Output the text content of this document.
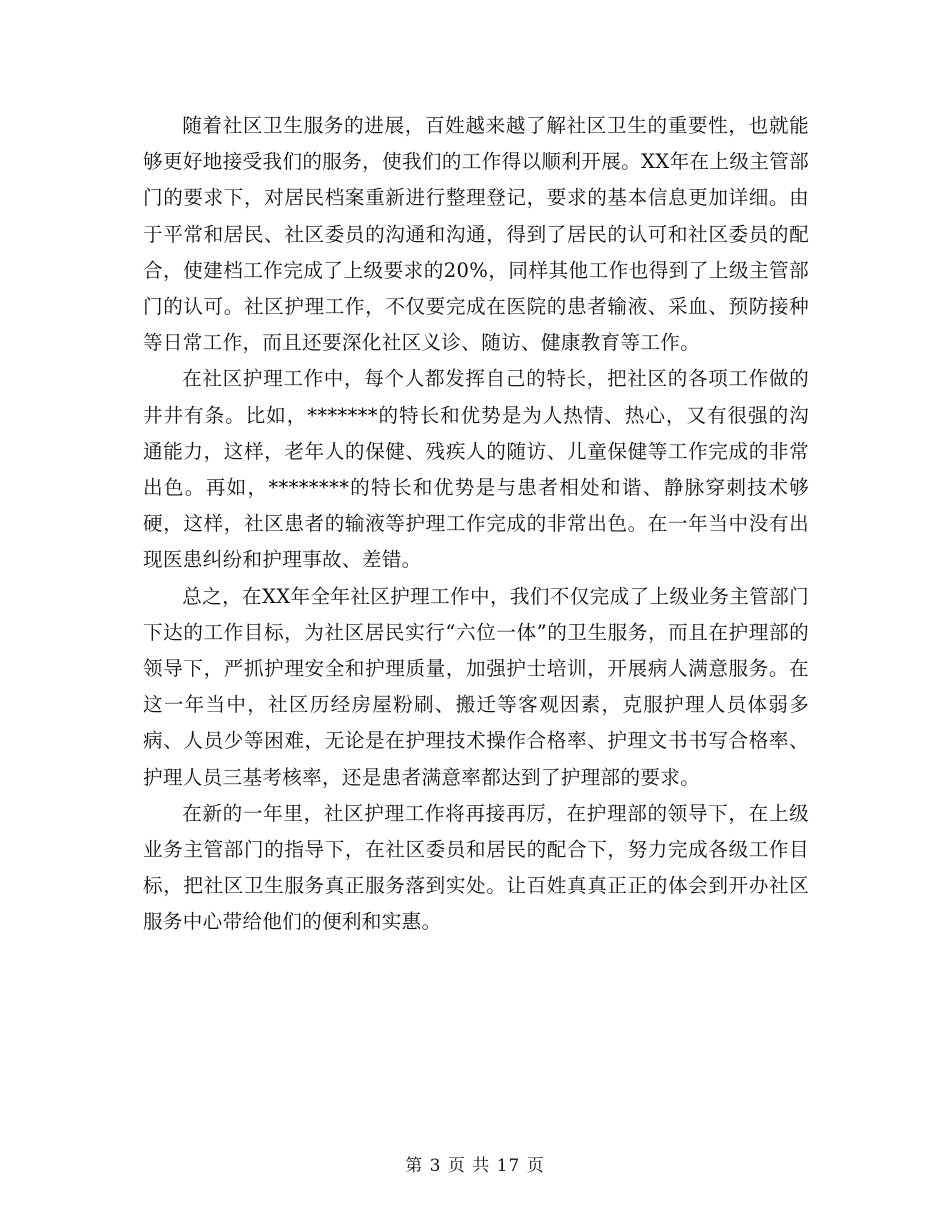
随着社区卫生服务的进展，百姓越来越了解社区卫生的重要性，也就能够更好地接受我们的服务，使我们的工作得以顺利开展。XX年在上级主管部门的要求下，对居民档案重新进行整理登记，要求的基本信息更加详细。由于平常和居民、社区委员的沟通和沟通，得到了居民的认可和社区委员的配合，使建档工作完成了上级要求的20%，同样其他工作也得到了上级主管部门的认可。社区护理工作，不仅要完成在医院的患者输液、采血、预防接种等日常工作，而且还要深化社区义诊、随访、健康教育等工作。

在社区护理工作中，每个人都发挥自己的特长，把社区的各项工作做的井井有条。比如，*******的特长和优势是为人热情、热心，又有很强的沟通能力，这样，老年人的保健、残疾人的随访、儿童保健等工作完成的非常出色。再如，********的特长和优势是与患者相处和谐、静脉穿刺技术够硬，这样，社区患者的输液等护理工作完成的非常出色。在一年当中没有出现医患纠纷和护理事故、差错。

总之，在XX年全年社区护理工作中，我们不仅完成了上级业务主管部门下达的工作目标，为社区居民实行“六位一体”的卫生服务，而且在护理部的领导下，严抓护理安全和护理质量，加强护士培训，开展病人满意服务。在这一年当中，社区历经房屋粉刷、搬迁等客观因素，克服护理人员体弱多病、人员少等困难，无论是在护理技术操作合格率、护理文书书写合格率、护理人员三基考核率，还是患者满意率都达到了护理部的要求。

在新的一年里，社区护理工作将再接再厉，在护理部的领导下，在上级业务主管部门的指导下，在社区委员和居民的配合下，努力完成各级工作目标，把社区卫生服务真正服务落到实处。让百姓真真正正的体会到开办社区服务中心带给他们的便利和实惠。

第 3 页 共 17 页
